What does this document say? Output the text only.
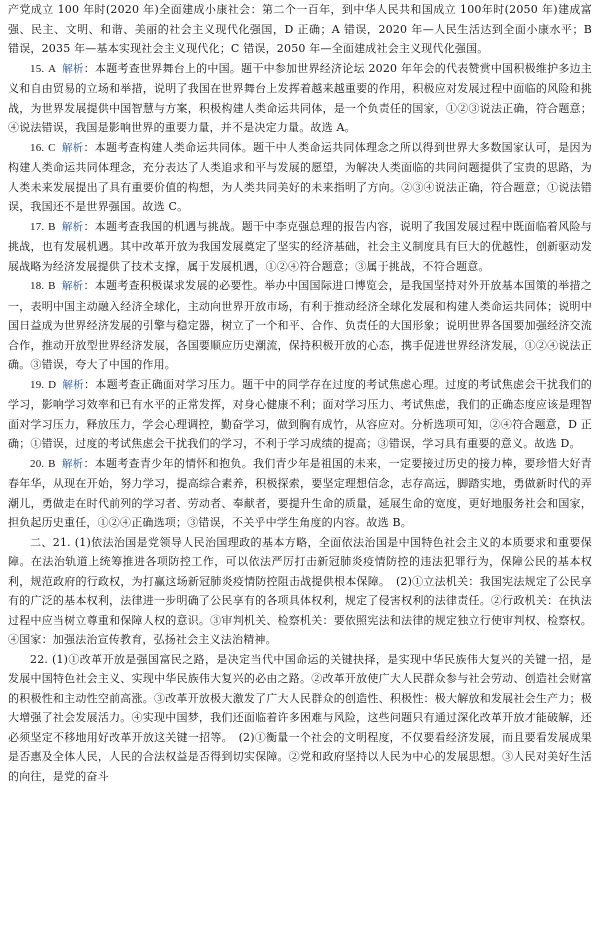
产党成立 100 年时(2020 年)全面建成小康社会：第二个一百年，到中华人民共和国成立 100年时(2050 年)建成富强、民主、文明、和谐、美丽的社会主义现代化强国，D 正确；A 错误，2020 年—人民生活达到全面小康水平；B 错误，2035 年—基本实现社会主义现代化；C 错误，2050 年—全面建成社会主义现代化强国。

15. A 解析：本题考查世界舞台上的中国。题干中参加世界经济论坛 2020 年年会的代表赞赏中国积极维护多边主义和自由贸易的立场和举措，说明了我国在世界舞台上发挥着越来越重要的作用，积极应对发展过程中面临的风险和挑战，为世界发展提供中国智慧与方案，积极构建人类命运共同体，是一个负责任的国家，①②③说法正确，符合题意；④说法错误，我国是影响世界的重要力量，并不是决定力量。故选 A。

16. C 解析：本题考查构建人类命运共同体。题干中人类命运共同体理念之所以得到世界大多数国家认可，是因为构建人类命运共同体理念，充分表达了人类追求和平与发展的愿望，为解决人类面临的共同问题提供了宝贵的思路，为人类未来发展提出了具有重要价值的构想，为人类共同美好的未来指明了方向。②③④说法正确，符合题意；①说法错误，我国还不是世界强国。故选 C。

17. B 解析：本题考查我国的机遇与挑战。题干中李克强总理的报告内容，说明了我国发展过程中既面临着风险与挑战，也有发展机遇。其中改革开放为我国发展奠定了坚实的经济基础，社会主义制度具有巨大的优越性，创新驱动发展战略为经济发展提供了技术支撑，属于发展机遇，①②④符合题意；③属于挑战，不符合题意。

18. B 解析：本题考查积极谋求发展的必要性。举办中国国际进口博览会，是我国坚持对外开放基本国策的举措之一，表明中国主动融入经济全球化，主动向世界开放市场，有利于推动经济全球化发展和构建人类命运共同体；说明中国日益成为世界经济发展的引擎与稳定器，树立了一个和平、合作、负责任的大国形象；说明世界各国要加强经济交流合作，推动开放型世界经济发展，各国要顺应历史潮流，保持积极开放的心态，携手促进世界经济发展，①②④说法正确。③错误，夸大了中国的作用。

19. D 解析：本题考查正确面对学习压力。题干中的同学存在过度的考试焦虑心理。过度的考试焦虑会干扰我们的学习，影响学习效率和已有水平的正常发挥，对身心健康不利；面对学习压力、考试焦虑，我们的正确态度应该是理智面对学习压力，释放压力，学会心理调控，勤奋学习，做到胸有成竹，从容应对。分析选项可知，②④符合题意，D 正确；①错误，过度的考试焦虑会干扰我们的学习，不利于学习成绩的提高；③错误，学习具有重要的意义。故选 D。

20. B 解析：本题考查青少年的情怀和抱负。我们青少年是祖国的未来，一定要接过历史的接力棒，要珍惜大好青春年华，从现在开始，努力学习，提高综合素养，积极探索，要坚定理想信念，志存高远，脚踏实地，勇做新时代的弄潮儿，勇做走在时代前列的学习者、劳动者、奉献者，要提升生命的质量，延展生命的宽度，更好地服务社会和国家，担负起历史重任，①②④正确选项；③错误，不关乎中学生角度的内容。故选 B。

二、21. (1)依法治国是党领导人民治国理政的基本方略，全面依法治国是中国特色社会主义的本质要求和重要保障。在法治轨道上统筹推进各项防控工作，可以依法严厉打击新冠肺炎疫情防控的违法犯罪行为，保障公民的基本权利，规范政府的行政权，为打赢这场新冠肺炎疫情防控阻击战提供根本保障。　(2)①立法机关：我国宪法规定了公民享有的广泛的基本权利，法律进一步明确了公民享有的各项具体权利，规定了侵害权利的法律责任。②行政机关：在执法过程中应当树立尊重和保障人权的意识。③审判机关、检察机关：要依照宪法和法律的规定独立行使审判权、检察权。④国家：加强法治宣传教育，弘扬社会主义法治精神。

22. (1)①改革开放是强国富民之路，是决定当代中国命运的关键抉择，是实现中华民族伟大复兴的关键一招，是发展中国特色社会主义、实现中华民族伟大复兴的必由之路。②改革开放使广大人民群众参与社会劳动、创造社会财富的积极性和主动性空前高涨。③改革开放极大激发了广大人民群众的创造性、积极性：极大解放和发展社会生产力；极大增强了社会发展活力。④实现中国梦，我们还面临着许多困难与风险，这些问题只有通过深化改革开放才能破解，还必须坚定不移地用好改革开放这关键一招等。　(2)①衡量一个社会的文明程度，不仅要看经济发展，而且要看发展成果是否惠及全体人民，人民的合法权益是否得到切实保障。②党和政府坚持以人民为中心的发展思想。③人民对美好生活的向往，是党的奋斗
